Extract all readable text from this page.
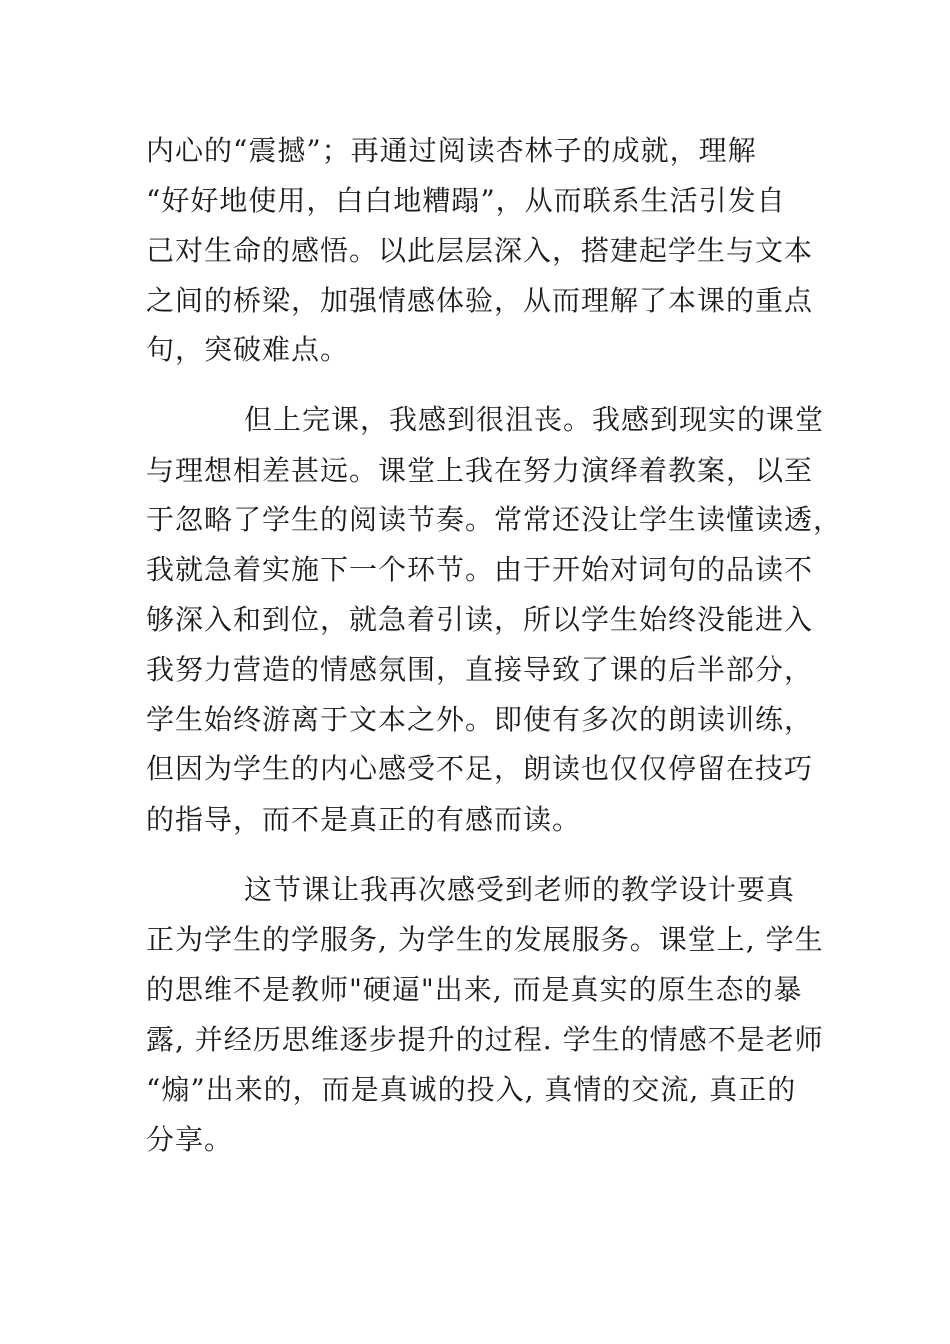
内心的“震撼”；再通过阅读杏林子的成就，理解
“好好地使用，白白地糟蹋”，从而联系生活引发自
己对生命的感悟。以此层层深入，搭建起学生与文本
之间的桥梁，加强情感体验，从而理解了本课的重点
句，突破难点。
但上完课，我感到很沮丧。我感到现实的课堂
与理想相差甚远。课堂上我在努力演绎着教案，以至
于忽略了学生的阅读节奏。常常还没让学生读懂读透，
我就急着实施下一个环节。由于开始对词句的品读不
够深入和到位，就急着引读，所以学生始终没能进入
我努力营造的情感氛围，直接导致了课的后半部分，
学生始终游离于文本之外。即使有多次的朗读训练，
但因为学生的内心感受不足，朗读也仅仅停留在技巧
的指导，而不是真正的有感而读。
这节课让我再次感受到老师的教学设计要真
正为学生的学服务, 为学生的发展服务。课堂上, 学生
的思维不是教师"硬逼"出来, 而是真实的原生态的暴
露, 并经历思维逐步提升的过程. 学生的情感不是老师
“煽”出来的，而是真诚的投入, 真情的交流, 真正的
分享。
